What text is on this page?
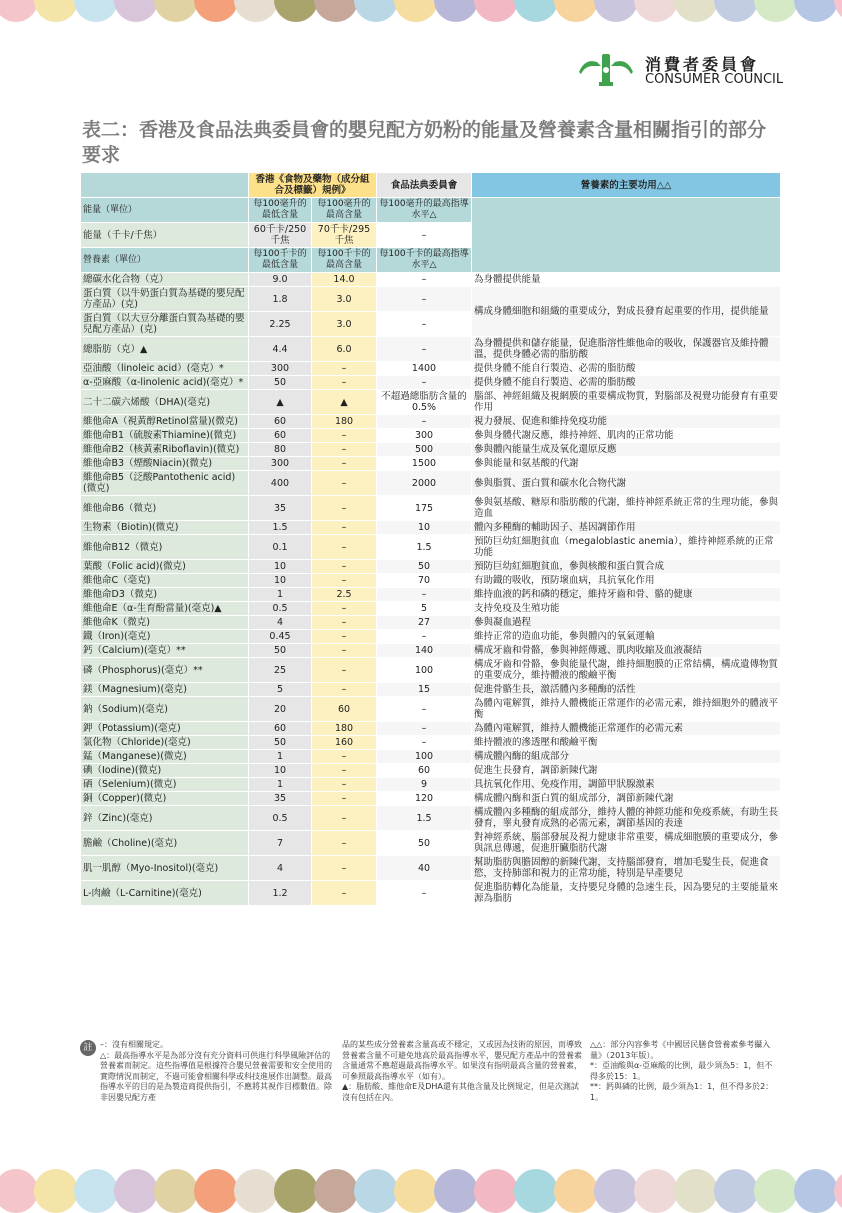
消費者委員會
CONSUMER COUNCIL
表二：香港及食品法典委員會的嬰兒配方奶粉的能量及營養素含量相關指引的部分要求
	香港《食物及藥物（成分組合及標籤）規例》		食品法典委員會	營養素的主要功用△△
能量（單位）	每100毫升的最低含量	每100毫升的最高含量	每100毫升的最高指導水平△	
能量（千卡/千焦）	60千卡/250千焦	70千卡/295千焦	–	
營養素（單位）	每100千卡的最低含量	每100千卡的最高含量	每100千卡的最高指導水平△	
總碳水化合物（克）	9.0	14.0	–	為身體提供能量
蛋白質（以牛奶蛋白質為基礎的嬰兒配方產品）(克)	1.8	3.0	–	構成身體細胞和組織的重要成分，對成長發育起重要的作用，提供能量
蛋白質（以大豆分離蛋白質為基礎的嬰兒配方產品）(克)	2.25	3.0	–	
總脂肪（克）▲	4.4	6.0	–	為身體提供和儲存能量，促進脂溶性維他命的吸收，保護器官及維持體溫，提供身體必需的脂肪酸
亞油酸（linoleic acid）(毫克）*	300	–	1400	提供身體不能自行製造、必需的脂肪酸
α-亞麻酸（α-linolenic acid)(毫克）*	50	–	–	提供身體不能自行製造、必需的脂肪酸
二十二碳六烯酸（DHA)(毫克)	▲	▲	不超過總脂肪含量的0.5%	腦部、神經組織及視網膜的重要構成物質，對腦部及視覺功能發育有重要作用
維他命A（視黃醇Retinol當量)(微克)	60	180	–	視力發展、促進和維持免疫功能
維他命B1（硫胺素Thiamine)(微克)	60	–	300	參與身體代謝反應，維持神經、肌肉的正常功能
維他命B2（核黃素Riboflavin)(微克)	80	–	500	參與體內能量生成及氧化還原反應
維他命B3（煙酸Niacin)(微克)	300	–	1500	參與能量和氨基酸的代謝
維他命B5（泛酸Pantothenic acid)(微克)	400	–	2000	參與脂質、蛋白質和碳水化合物代謝
維他命B6（微克)	35	–	175	參與氨基酸、糖原和脂肪酸的代謝，維持神經系統正常的生理功能，參與造血
生物素（Biotin)(微克)	1.5	–	10	體內多種酶的輔助因子、基因調節作用
維他命B12（微克)	0.1	–	1.5	預防巨幼紅細胞貧血（megaloblastic anemia），維持神經系統的正常功能
葉酸（Folic acid)(微克)	10	–	50	預防巨幼紅細胞貧血，參與核酸和蛋白質合成
維他命C（毫克)	10	–	70	有助鐵的吸收，預防壞血病，具抗氧化作用
維他命D3（微克)	1	2.5	–	維持血液的鈣和磷的穩定，維持牙齒和骨、骼的健康
維他命E（α-生育酚當量)(毫克)▲	0.5	–	5	支持免疫及生殖功能
維他命K（微克)	4	–	27	參與凝血過程
鐵（Iron)(毫克)	0.45	–	–	維持正常的造血功能，參與體內的氧氣運輸
鈣（Calcium)(毫克）**	50	–	140	構成牙齒和骨骼，參與神經傳遞、肌肉收縮及血液凝結
磷（Phosphorus)(毫克）**	25	–	100	構成牙齒和骨骼，參與能量代謝，維持細胞膜的正常結構，構成遺傳物質的重要成分，維持體液的酸鹼平衡
鎂（Magnesium)(毫克)	5	–	15	促進骨骼生長，激活體內多種酶的活性
鈉（Sodium)(毫克)	20	60	–	為體內電解質，維持人體機能正常運作的必需元素，維持細胞外的體液平衡
鉀（Potassium)(毫克)	60	180	–	為體內電解質，維持人體機能正常運作的必需元素
氯化物（Chloride)(毫克)	50	160	–	維持體液的滲透壓和酸鹼平衡
錳（Manganese)(微克)	1	–	100	構成體內酶的組成部分
碘（Iodine)(微克)	10	–	60	促進生長發育，調節新陳代謝
硒（Selenium)(微克)	1	–	9	具抗氧化作用、免疫作用，調節甲狀腺激素
銅（Copper)(微克)	35	–	120	構成體內酶和蛋白質的組成部分，調節新陳代謝
鋅（Zinc)(毫克)	0.5	–	1.5	構成體內多種酶的組成部分，維持人體的神經功能和免疫系統，有助生長發育，睾丸發育成熟的必需元素，調節基因的表達
膽鹼（Choline)(毫克)	7	–	50	對神經系統、腦部發展及視力健康非常重要，構成細胞膜的重要成分，參與訊息傳遞，促進肝臟脂肪代謝
肌一肌醇（Myo-Inositol)(毫克)	4	–	40	幫助脂肪與膽固醇的新陳代謝，支持腦部發育，增加毛髮生長，促進食慾，支持肺部和視力的正常功能，特別是早產嬰兒
L-肉鹼（L-Carnitine)(毫克)	1.2	–	–	促進脂肪轉化為能量，支持嬰兒身體的急速生長，因為嬰兒的主要能量來源為脂肪
註 –：沒有相關規定。
△：最高指導水平是為部分沒有充分資料可供進行科學風險評估的營養素而制定。這些指導值是根據符合嬰兒營養需要和安全使用的實際情況而制定，不過可能會相關科學或科技進展作出調整。最高指導水平的目的是為製造商提供指引，不應將其視作目標數值。除非因嬰兒配方產
品的某些成分營養素含量高或不穩定，又或因為技術的原因，而導致營養素含量不可避免地高於最高指導水平，嬰兒配方產品中的營養素含量通常不應超過最高指導水平。如果沒有指明最高含量的營養素，可參照最高指導水平（如有）。
▲：脂肪酸、維他命E及DHA還有其他含量及比例規定，但是次測試沒有包括在內。
△△：部分內容參考《中國居民膳食營養素參考攝入量》（2013年版）。
*：亞油酸與α-亞麻酸的比例，最少須為5：1，但不得多於15：1。
**：鈣與磷的比例，最少須為1：1，但不得多於2：1。
